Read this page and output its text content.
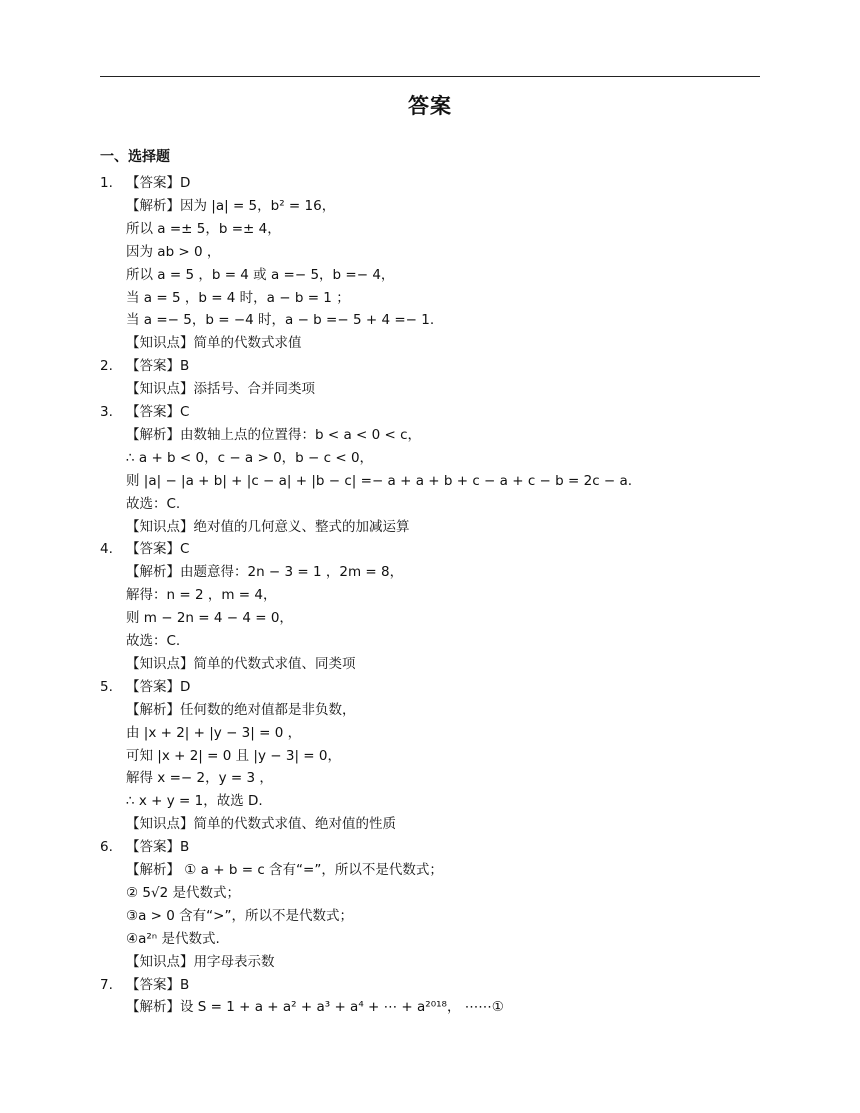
答案
一、选择题
1. 【答案】D
【解析】因为 |a| = 5，b² = 16，
所以 a =± 5，b =± 4，
因为 ab > 0 ，
所以 a = 5 ，b = 4 或 a =− 5，b =− 4，
当 a = 5 ，b = 4 时，a − b = 1 ；
当 a =− 5，b = −4 时，a − b =− 5 + 4 =− 1.
【知识点】简单的代数式求值
2. 【答案】B
【知识点】添括号、合并同类项
3. 【答案】C
【解析】由数轴上点的位置得：b < a < 0 < c，
∴ a + b < 0，c − a > 0，b − c < 0，
则 |a| − |a + b| + |c − a| + |b − c| =− a + a + b + c − a + c − b = 2c − a.
故选：C.
【知识点】绝对值的几何意义、整式的加减运算
4. 【答案】C
【解析】由题意得：2n − 3 = 1 ，2m = 8，
解得：n = 2 ，m = 4，
则 m − 2n = 4 − 4 = 0，
故选：C.
【知识点】简单的代数式求值、同类项
5. 【答案】D
【解析】任何数的绝对值都是非负数，
由 |x + 2| + |y − 3| = 0 ，
可知 |x + 2| = 0 且 |y − 3| = 0，
解得 x =− 2，y = 3 ，
∴ x + y = 1，故选 D.
【知识点】简单的代数式求值、绝对值的性质
6. 【答案】B
【解析】 ① a + b = c 含有“=”，所以不是代数式；
② 5√2 是代数式；
③a > 0 含有“>”，所以不是代数式；
④a²ⁿ 是代数式.
【知识点】用字母表示数
7. 【答案】B
【解析】设 S = 1 + a + a² + a³ + a⁴ + ⋯ + a²⁰¹⁸， ⋯⋯①
